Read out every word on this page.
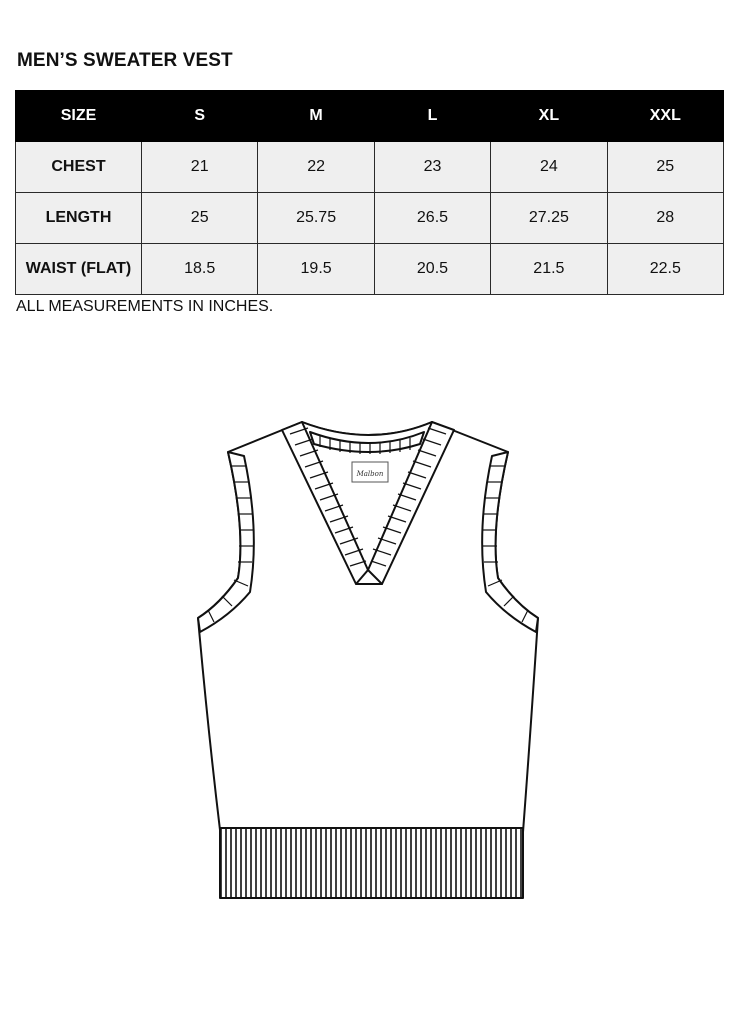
MEN’S SWEATER VEST
SIZE	S	M	L	XL	XXL
CHEST	21	22	23	24	25
LENGTH	25	25.75	26.5	27.25	28
WAIST (FLAT)	18.5	19.5	20.5	21.5	22.5

ALL MEASUREMENTS IN INCHES.

Malbon
